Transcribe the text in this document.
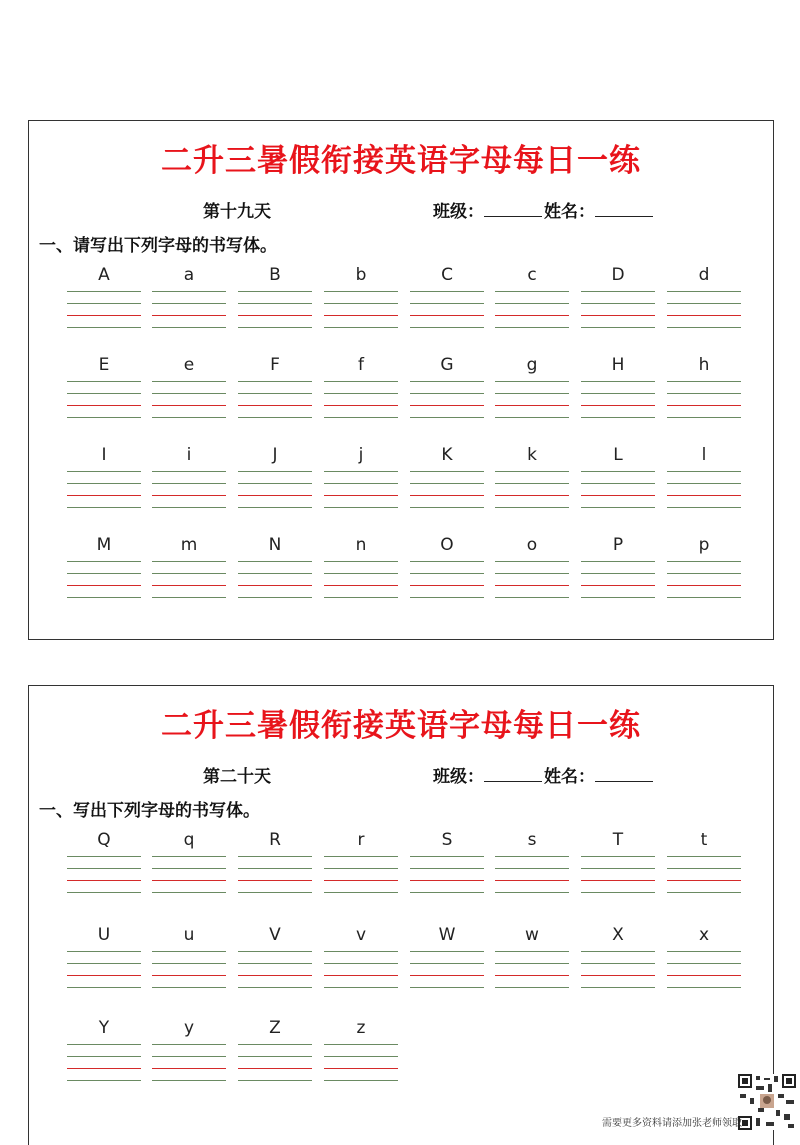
二升三暑假衔接英语字母每日一练
第十九天	班级：	姓名：
一、请写出下列字母的书写体。
A	a	B	b	C	c	D	d
E	e	F	f	G	g	H	h
I	i	J	j	K	k	L	l
M	m	N	n	O	o	P	p
二升三暑假衔接英语字母每日一练
第二十天	班级：	姓名：
一、写出下列字母的书写体。
Q	q	R	r	S	s	T	t
U	u	V	v	W	w	X	x
Y	y	Z	z
需要更多资料请添加张老师领取
